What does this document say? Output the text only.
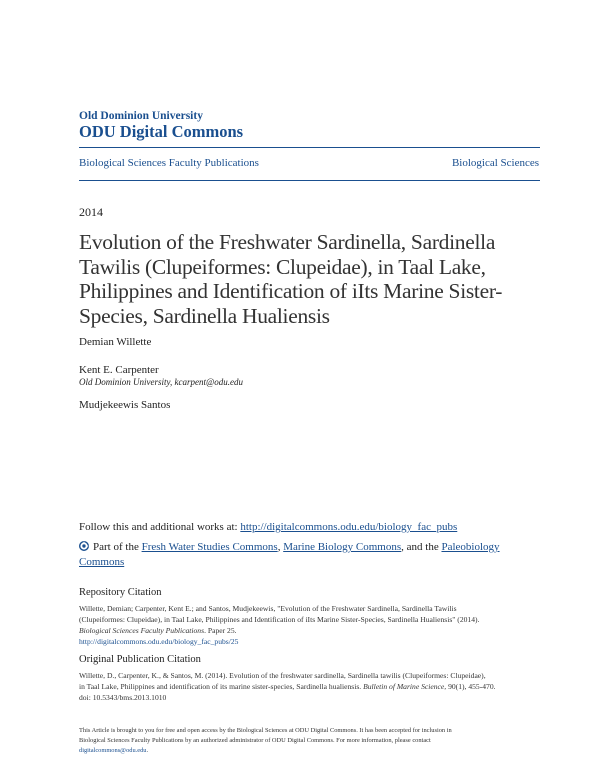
Old Dominion University
ODU Digital Commons
Biological Sciences Faculty Publications	Biological Sciences
2014
Evolution of the Freshwater Sardinella, Sardinella
Tawilis (Clupeiformes: Clupeidae), in Taal Lake,
Philippines and Identification of iIts Marine Sister-
Species, Sardinella Hualiensis
Demian Willette
Kent E. Carpenter
Old Dominion University, kcarpent@odu.edu
Mudjekeewis Santos
Follow this and additional works at: http://digitalcommons.odu.edu/biology_fac_pubs
Part of the Fresh Water Studies Commons, Marine Biology Commons, and the Paleobiology
Commons
Repository Citation
Willette, Demian; Carpenter, Kent E.; and Santos, Mudjekeewis, "Evolution of the Freshwater Sardinella, Sardinella Tawilis
(Clupeiformes: Clupeidae), in Taal Lake, Philippines and Identification of iIts Marine Sister-Species, Sardinella Hualiensis" (2014).
Biological Sciences Faculty Publications. Paper 25.
http://digitalcommons.odu.edu/biology_fac_pubs/25
Original Publication Citation
Willette, D., Carpenter, K., & Santos, M. (2014). Evolution of the freshwater sardinella, Sardinella tawilis (Clupeiformes: Clupeidae),
in Taal Lake, Philippines and identification of its marine sister-species, Sardinella hualiensis. Bulletin of Marine Science, 90(1), 455-470.
doi: 10.5343/bms.2013.1010
This Article is brought to you for free and open access by the Biological Sciences at ODU Digital Commons. It has been accepted for inclusion in
Biological Sciences Faculty Publications by an authorized administrator of ODU Digital Commons. For more information, please contact
digitalcommons@odu.edu.
